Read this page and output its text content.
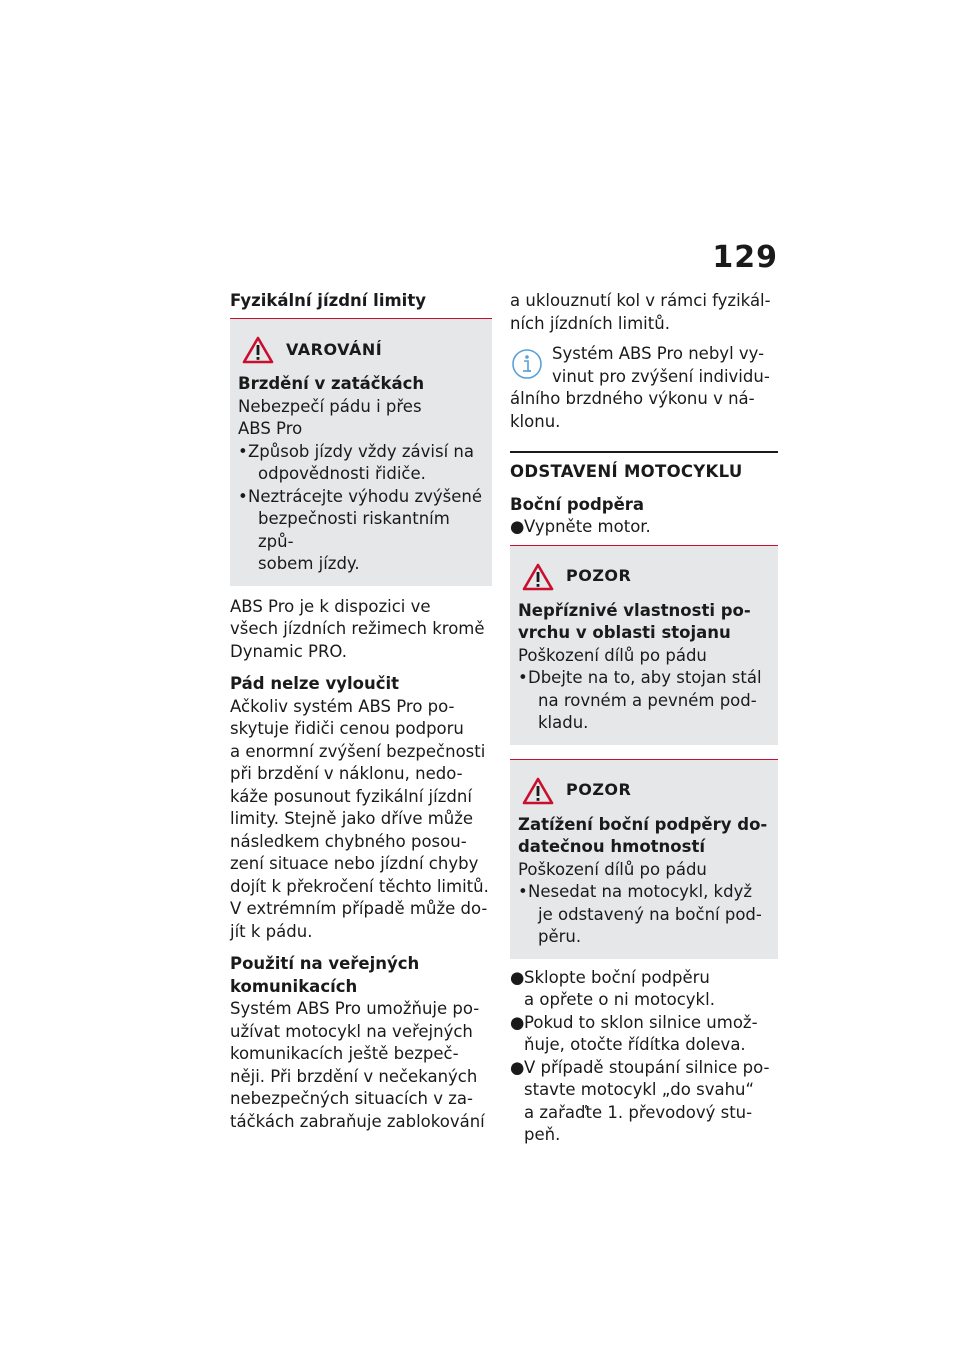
129

Fyzikální jízdní limity

VAROVÁNÍ

Brzdění v zatáčkách

Nebezpečí pádu i přes

ABS Pro

• Způsob jízdy vždy závisí na
odpovědnosti řidiče.
• Neztrácejte výhodu zvýšené
bezpečnosti riskantním způ-
sobem jízdy.
ABS Pro je k dispozici ve
všech jízdních režimech kromě
Dynamic PRO.

Pád nelze vyloučit

Ačkoliv systém ABS Pro po-
skytuje řidiči cenou podporu
a enormní zvýšení bezpečnosti
při brzdění v náklonu, nedo-
káže posunout fyzikální jízdní
limity. Stejně jako dříve může
následkem chybného posou-
zení situace nebo jízdní chyby
dojít k překročení těchto limitů.
V extrémním případě může do-
jít k pádu.

Použití na veřejných

komunikacích

Systém ABS Pro umožňuje po-
užívat motocykl na veřejných
komunikacích ještě bezpeč-
něji. Při brzdění v nečekaných
nebezpečných situacích v za-
táčkách zabraňuje zablokování
a uklouznutí kol v rámci fyzikál-
ních jízdních limitů.
Systém ABS Pro nebyl vy-
vinut pro zvýšení individu-
álního brzdného výkonu v ná-
klonu.
ODSTAVENÍ MOTOCYKLU

Boční podpěra

● Vypněte motor.
POZOR

Nepříznivé vlastnosti po-

vrchu v oblasti stojanu

Poškození dílů po pádu

• Dbejte na to, aby stojan stál
na rovném a pevném pod-
kladu.
POZOR

Zatížení boční podpěry do-

datečnou hmotností

Poškození dílů po pádu

• Nesedat na motocykl, když
je odstavený na boční pod-
pěru.
● Sklopte boční podpěru
a opřete o ni motocykl.
● Pokud to sklon silnice umož-
ňuje, otočte řídítka doleva.
● V případě stoupání silnice po-
stavte motocykl „do svahu“
a zařaďte 1. převodový stu-
peň.
